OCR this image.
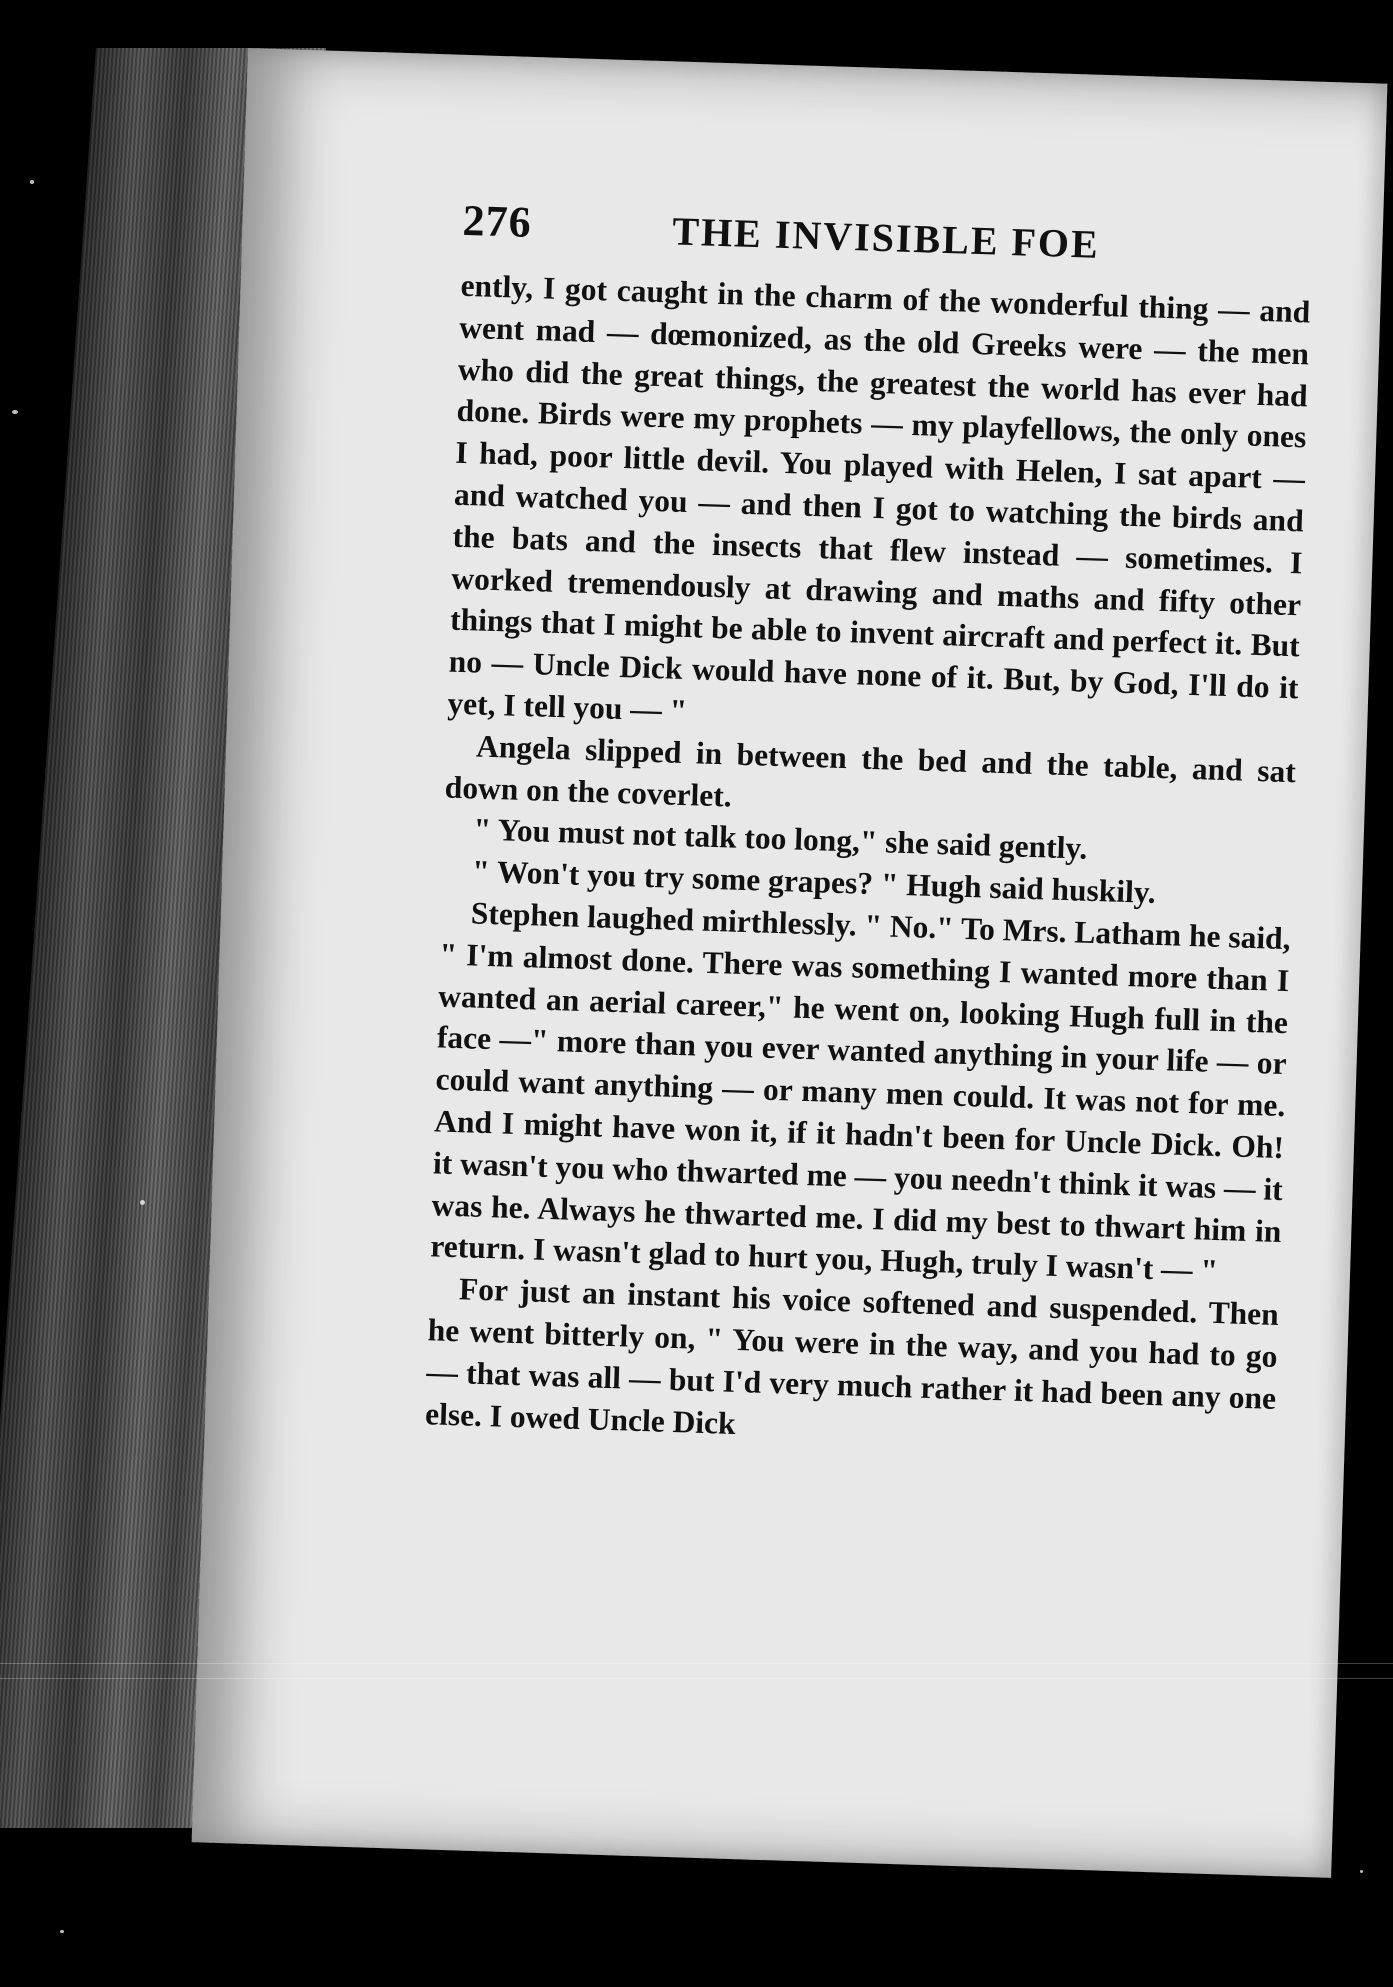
276	THE INVISIBLE FOE

ently, I got caught in the charm of the wonderful thing — and went mad — dœmonized, as the old Greeks were — the men who did the great things, the greatest the world has ever had done. Birds were my prophets — my playfellows, the only ones I had, poor little devil. You played with Helen, I sat apart — and watched you — and then I got to watching the birds and the bats and the insects that flew instead — sometimes. I worked tremendously at drawing and maths and fifty other things that I might be able to invent aircraft and perfect it. But no — Uncle Dick would have none of it. But, by God, I'll do it yet, I tell you — "

Angela slipped in between the bed and the table, and sat down on the coverlet.

" You must not talk too long," she said gently.

" Won't you try some grapes? " Hugh said huskily.

Stephen laughed mirthlessly. " No." To Mrs. Latham he said, " I'm almost done. There was something I wanted more than I wanted an aerial career," he went on, looking Hugh full in the face —" more than you ever wanted anything in your life — or could want anything — or many men could. It was not for me. And I might have won it, if it hadn't been for Uncle Dick. Oh! it wasn't you who thwarted me — you needn't think it was — it was he. Always he thwarted me. I did my best to thwart him in return. I wasn't glad to hurt you, Hugh, truly I wasn't — "

For just an instant his voice softened and suspended. Then he went bitterly on, " You were in the way, and you had to go — that was all — but I'd very much rather it had been any one else. I owed Uncle Dick
